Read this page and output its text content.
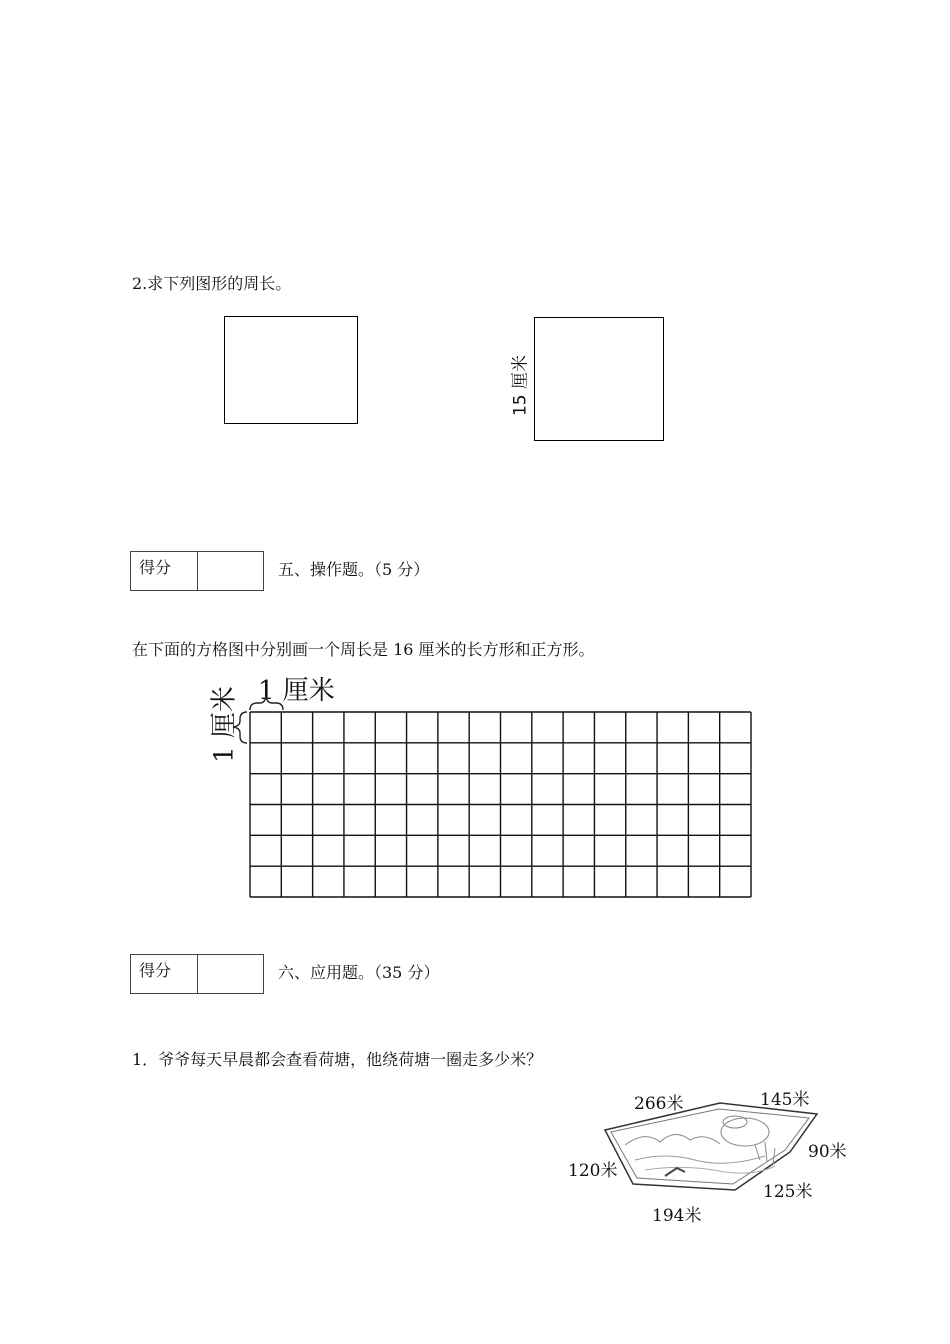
2.求下列图形的周长。
15 厘米
得分	五、操作题。（5 分）
在下面的方格图中分别画一个周长是 16 厘米的长方形和正方形。
1 厘米
1 厘米
得分	六、应用题。（35 分）
1．爷爷每天早晨都会查看荷塘，他绕荷塘一圈走多少米？
266米	145米
90米
125米
194米
120米
